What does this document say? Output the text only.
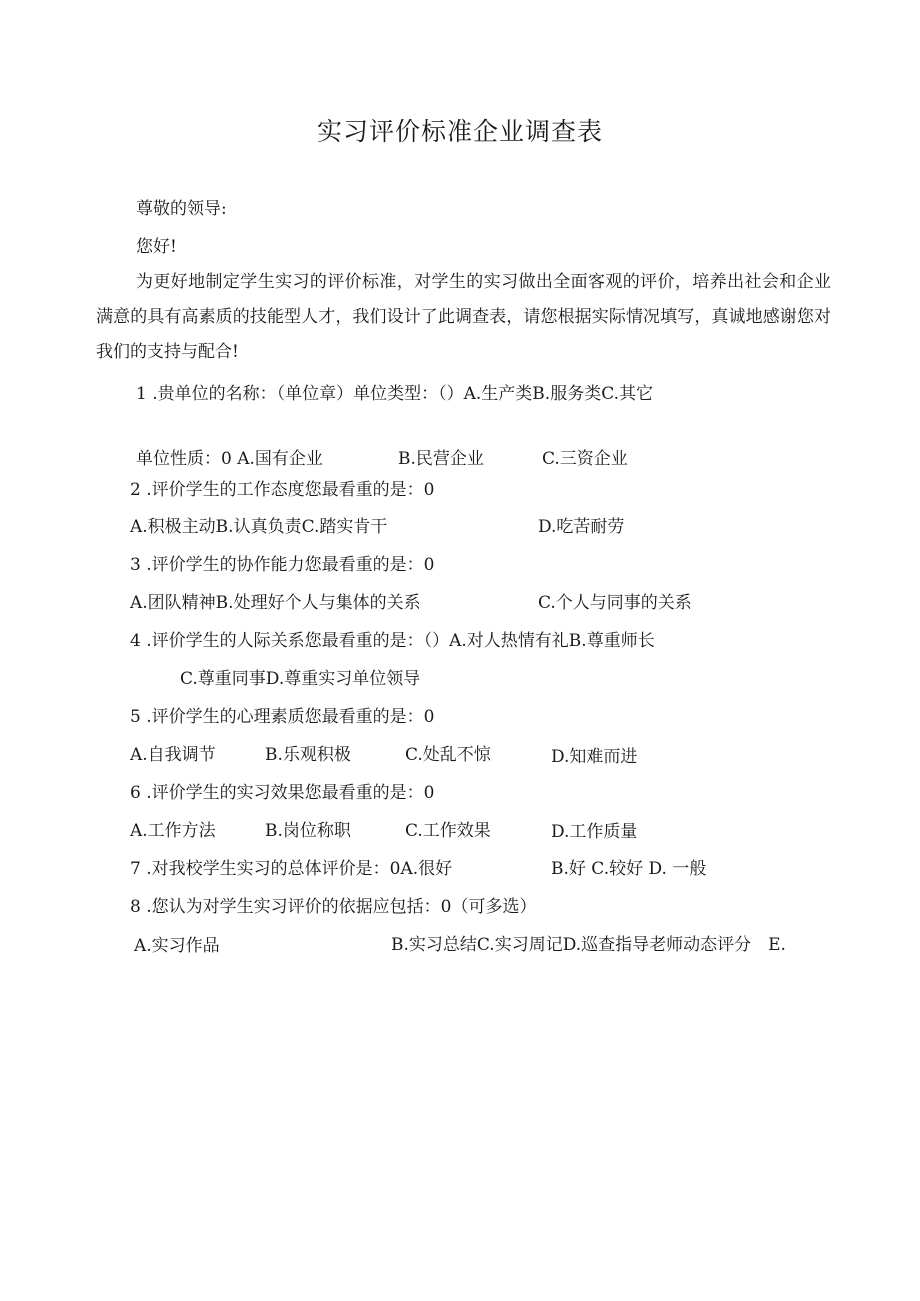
实习评价标准企业调查表
尊敬的领导:
您好!
为更好地制定学生实习的评价标准，对学生的实习做出全面客观的评价，培养出社会和企业满意的具有高素质的技能型人才，我们设计了此调查表，请您根据实际情况填写，真诚地感谢您对我们的支持与配合!
1 .贵单位的名称：（单位章）单位类型：（）A.生产类B.服务类C.其它
单位性质：0 A.国有企业	B.民营企业	C.三资企业
2 .评价学生的工作态度您最看重的是：0
A.积极主动B.认真负责C.踏实肯干	D.吃苦耐劳
3 .评价学生的协作能力您最看重的是：0
A.团队精神B.处理好个人与集体的关系	C.个人与同事的关系
4 .评价学生的人际关系您最看重的是：（）A.对人热情有礼B.尊重师长
C.尊重同事D.尊重实习单位领导
5 .评价学生的心理素质您最看重的是：0
A.自我调节	B.乐观积极	C.处乱不惊	D.知难而进
6 .评价学生的实习效果您最看重的是：0
A.工作方法	B.岗位称职	C.工作效果	D.工作质量
7 .对我校学生实习的总体评价是：0A.很好	B.好 C.较好 D. 一般
8 .您认为对学生实习评价的依据应包括：0（可多选）
A.实习作品	B.实习总结C.实习周记D.巡查指导老师动态评分　E.
